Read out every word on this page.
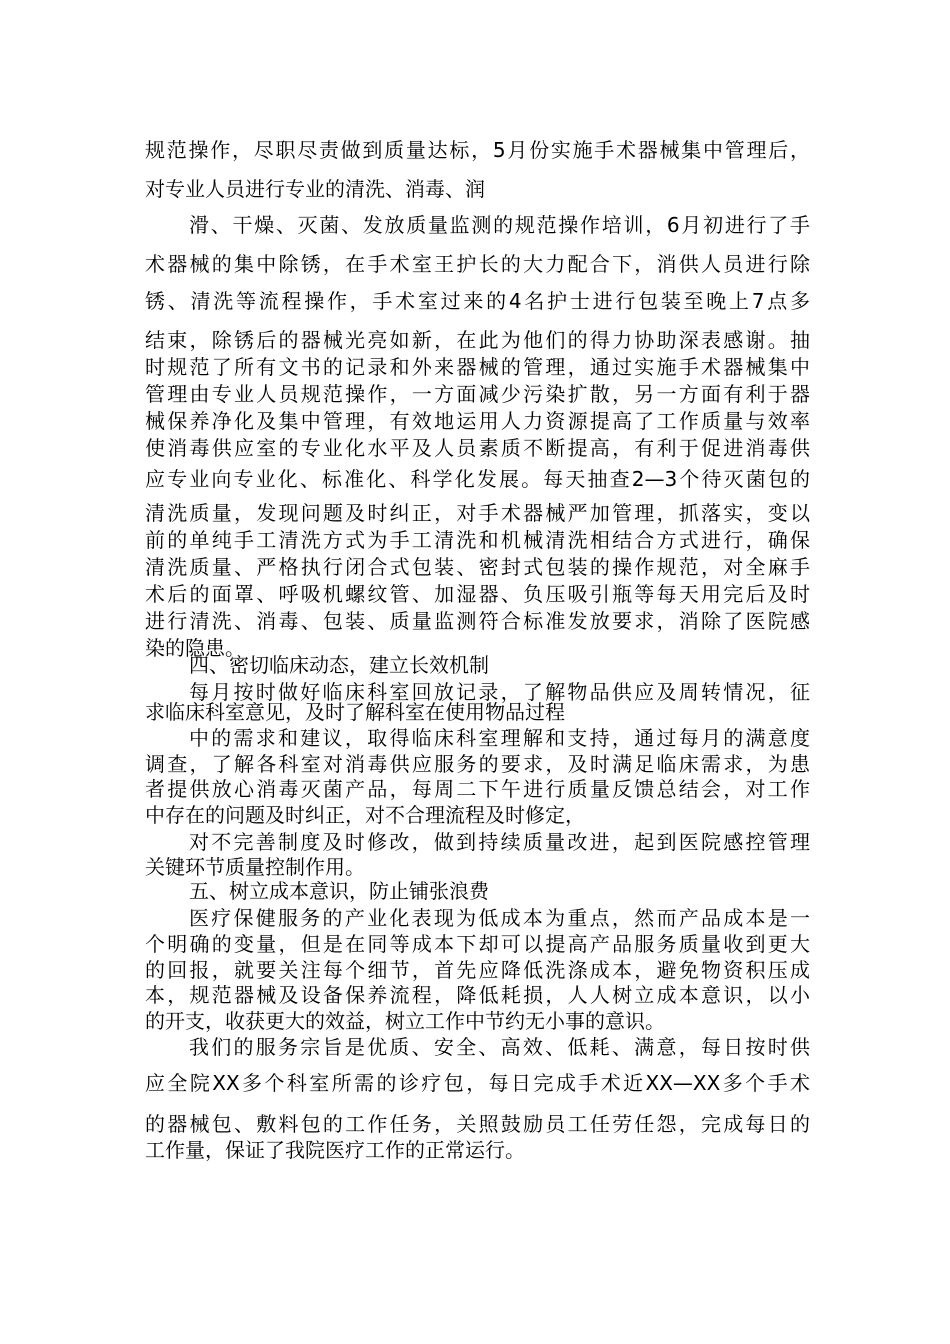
规范操作，尽职尽责做到质量达标，5月份实施手术器械集中管理后，
对专业人员进行专业的清洗、消毒、润
滑、干燥、灭菌、发放质量监测的规范操作培训，6月初进行了手
术器械的集中除锈，在手术室王护长的大力配合下，消供人员进行除
锈、清洗等流程操作，手术室过来的4名护士进行包装至晚上7点多
结束，除锈后的器械光亮如新，在此为他们的得力协助深表感谢。抽
时规范了所有文书的记录和外来器械的管理，通过实施手术器械集中
管理由专业人员规范操作，一方面减少污染扩散，另一方面有利于器
械保养净化及集中管理，有效地运用人力资源提高了工作质量与效率
使消毒供应室的专业化水平及人员素质不断提高，有利于促进消毒供
应专业向专业化、标准化、科学化发展。每天抽查2—3个待灭菌包的
清洗质量，发现问题及时纠正，对手术器械严加管理，抓落实，变以
前的单纯手工清洗方式为手工清洗和机械清洗相结合方式进行，确保
清洗质量、严格执行闭合式包装、密封式包装的操作规范，对全麻手
术后的面罩、呼吸机螺纹管、加湿器、负压吸引瓶等每天用完后及时
进行清洗、消毒、包装、质量监测符合标准发放要求，消除了医院感
染的隐患。
四、密切临床动态，建立长效机制
每月按时做好临床科室回放记录，了解物品供应及周转情况，征
求临床科室意见，及时了解科室在使用物品过程
中的需求和建议，取得临床科室理解和支持，通过每月的满意度
调查，了解各科室对消毒供应服务的要求，及时满足临床需求，为患
者提供放心消毒灭菌产品，每周二下午进行质量反馈总结会，对工作
中存在的问题及时纠正，对不合理流程及时修定，
对不完善制度及时修改，做到持续质量改进，起到医院感控管理
关键环节质量控制作用。
五、树立成本意识，防止铺张浪费
医疗保健服务的产业化表现为低成本为重点，然而产品成本是一
个明确的变量，但是在同等成本下却可以提高产品服务质量收到更大
的回报，就要关注每个细节，首先应降低洗涤成本，避免物资积压成
本，规范器械及设备保养流程，降低耗损，人人树立成本意识，以小
的开支，收获更大的效益，树立工作中节约无小事的意识。
我们的服务宗旨是优质、安全、高效、低耗、满意，每日按时供
应全院XX多个科室所需的诊疗包，每日完成手术近XX—XX多个手术
的器械包、敷料包的工作任务，关照鼓励员工任劳任怨，完成每日的
工作量，保证了我院医疗工作的正常运行。
